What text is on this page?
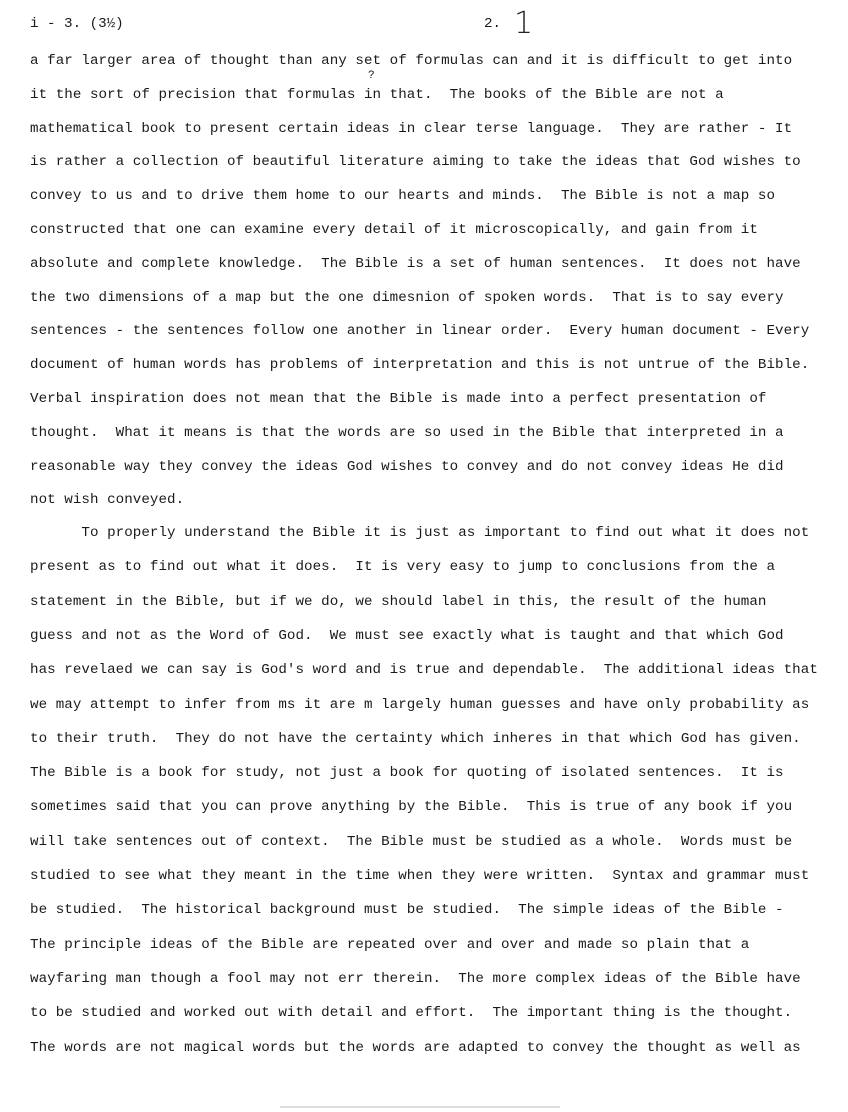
i - 3. (3½)	2. 1
?
a far larger area of thought than any set of formulas can and it is difficult to get into
it the sort of precision that formulas in that.  The books of the Bible are not a
mathematical book to present certain ideas in clear terse language.  They are rather - It
is rather a collection of beautiful literature aiming to take the ideas that God wishes to
convey to us and to drive them home to our hearts and minds.  The Bible is not a map so
constructed that one can examine every detail of it microscopically, and gain from it
absolute and complete knowledge.  The Bible is a set of human sentences.  It does not have
the two dimensions of a map but the one dimesnion of spoken words.  That is to say every
sentences - the sentences follow one another in linear order.  Every human document - Every
document of human words has problems of interpretation and this is not untrue of the Bible.
Verbal inspiration does not mean that the Bible is made into a perfect presentation of
thought.  What it means is that the words are so used in the Bible that interpreted in a
reasonable way they convey the ideas God wishes to convey and do not convey ideas He did
not wish conveyed.
To properly understand the Bible it is just as important to find out what it does not
present as to find out what it does.  It is very easy to jump to conclusions from the a
statement in the Bible, but if we do, we should label in this, the result of the human
guess and not as the Word of God.  We must see exactly what is taught and that which God
has revelaed we can say is God's word and is true and dependable.  The additional ideas that
we may attempt to infer from ms it are m largely human guesses and have only probability as
to their truth.  They do not have the certainty which inheres in that which God has given.
The Bible is a book for study, not just a book for quoting of isolated sentences.  It is
sometimes said that you can prove anything by the Bible.  This is true of any book if you
will take sentences out of context.  The Bible must be studied as a whole.  Words must be
studied to see what they meant in the time when they were written.  Syntax and grammar must
be studied.  The historical background must be studied.  The simple ideas of the Bible -
The principle ideas of the Bible are repeated over and over and made so plain that a
wayfaring man though a fool may not err therein.  The more complex ideas of the Bible have
to be studied and worked out with detail and effort.  The important thing is the thought.
The words are not magical words but the words are adapted to convey the thought as well as
